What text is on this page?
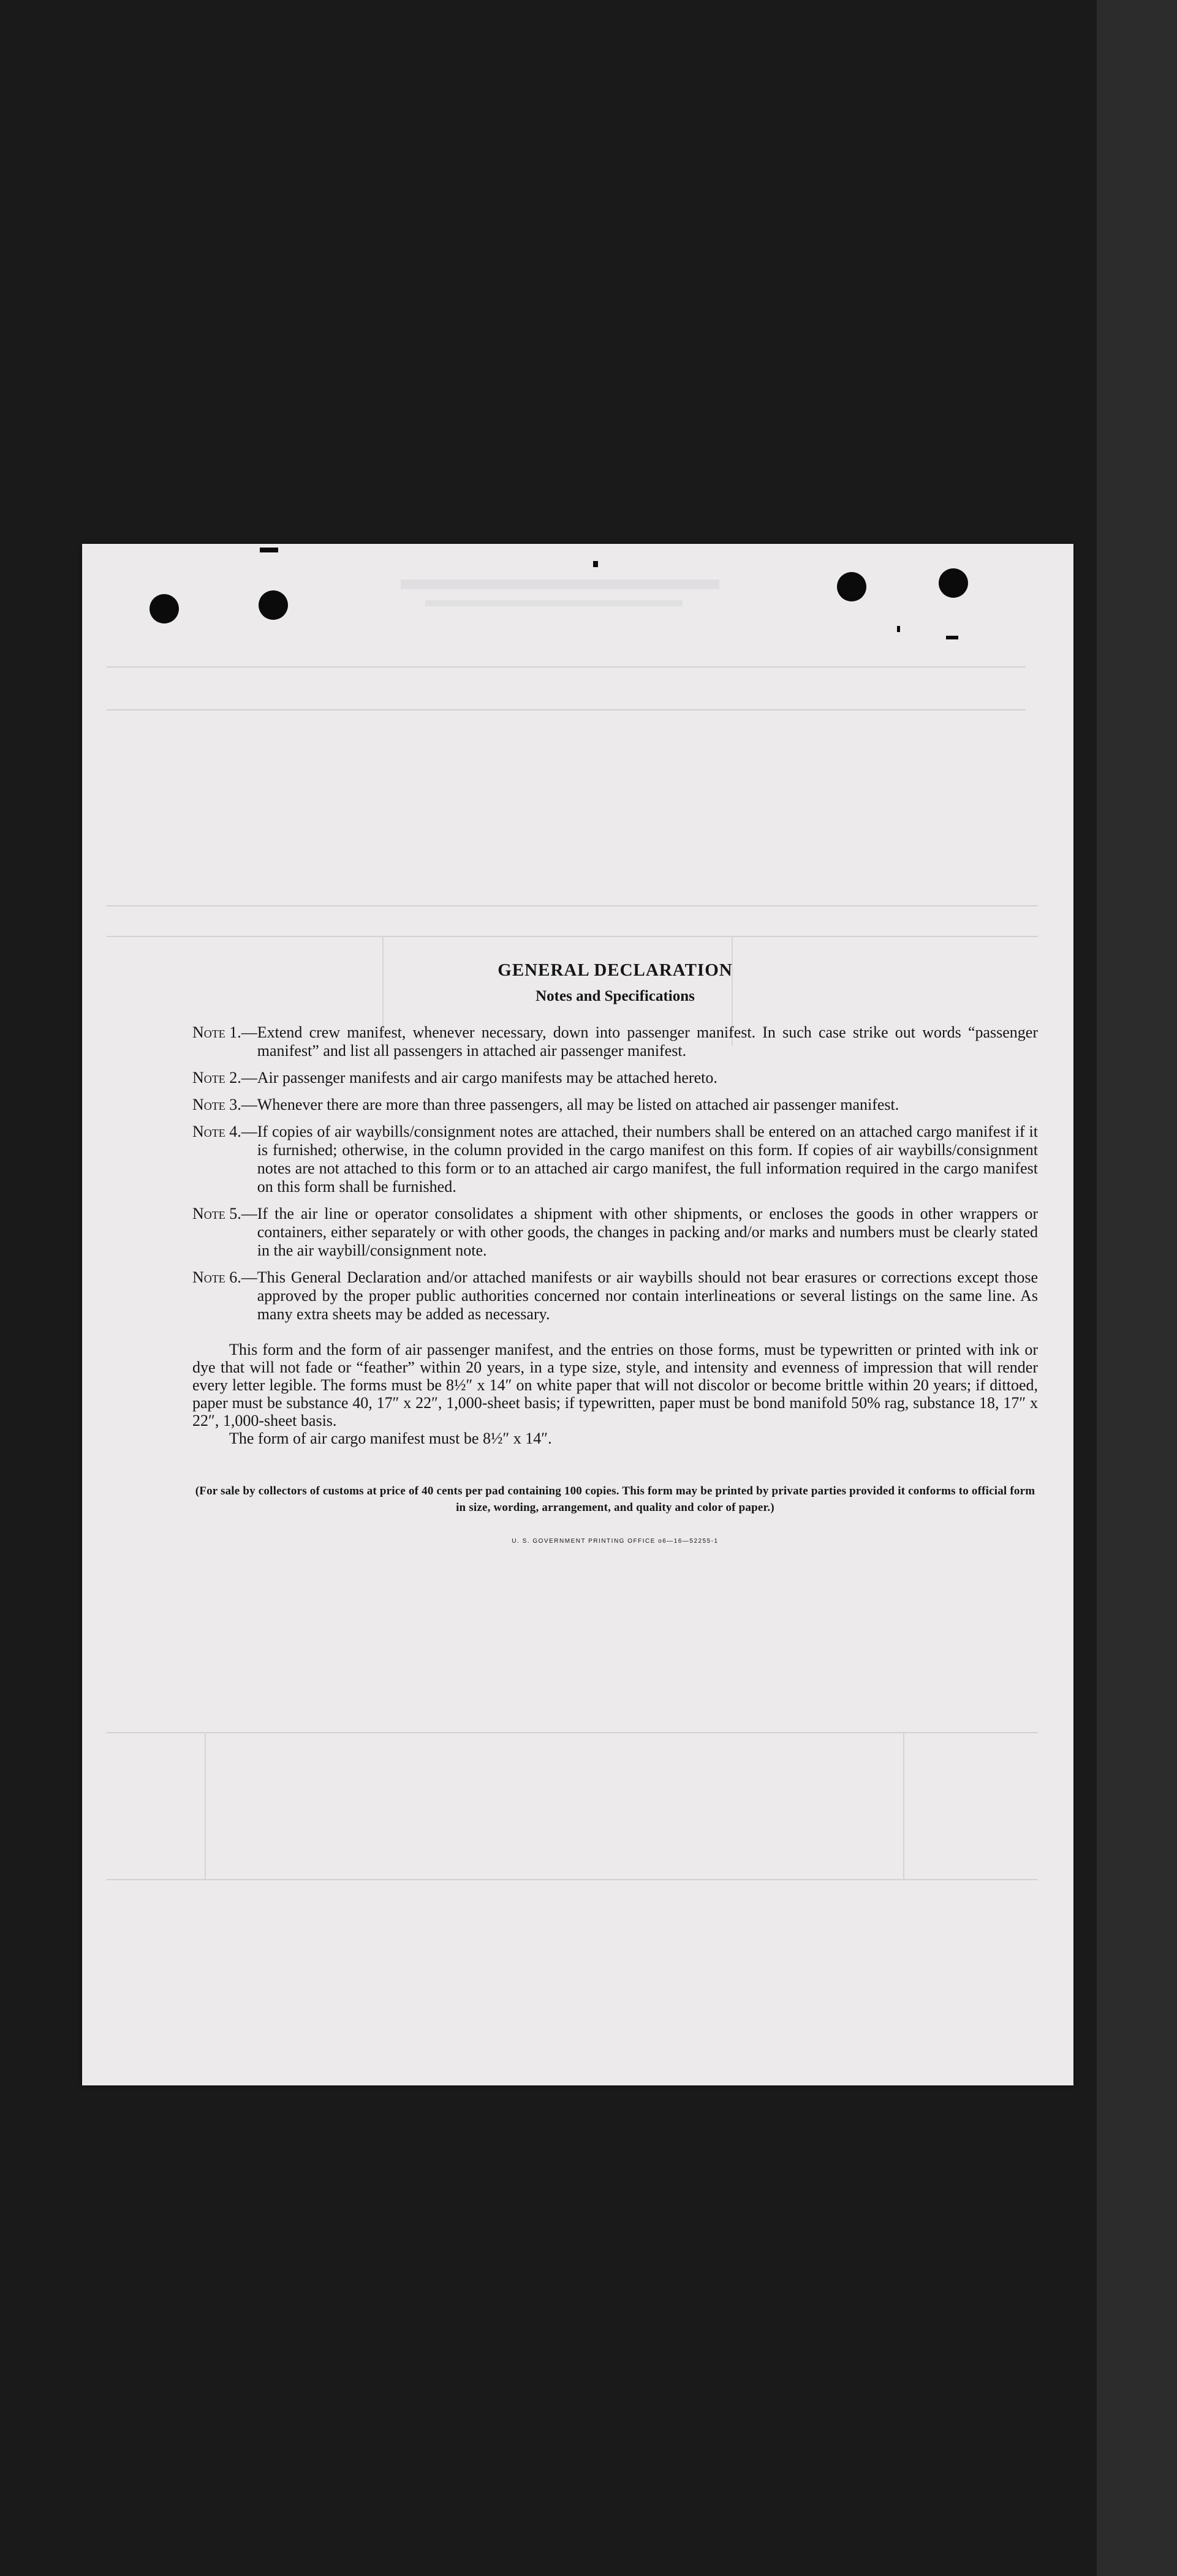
GENERAL DECLARATION
Notes and Specifications
Note 1. — Extend crew manifest, whenever necessary, down into passenger manifest. In such case strike out words “passenger manifest” and list all passengers in attached air passenger manifest.
Note 2. — Air passenger manifests and air cargo manifests may be attached hereto.
Note 3. — Whenever there are more than three passengers, all may be listed on attached air passenger manifest.
Note 4. — If copies of air waybills/consignment notes are attached, their numbers shall be entered on an attached cargo manifest if it is furnished; otherwise, in the column provided in the cargo manifest on this form. If copies of air waybills/consignment notes are not attached to this form or to an attached air cargo manifest, the full information required in the cargo manifest on this form shall be furnished.
Note 5. — If the air line or operator consolidates a shipment with other shipments, or encloses the goods in other wrappers or containers, either separately or with other goods, the changes in packing and/or marks and numbers must be clearly stated in the air waybill/consignment note.
Note 6. — This General Declaration and/or attached manifests or air waybills should not bear erasures or corrections except those approved by the proper public authorities concerned nor contain interlineations or several listings on the same line. As many extra sheets may be added as necessary.

This form and the form of air passenger manifest, and the entries on those forms, must be typewritten or printed with ink or dye that will not fade or “feather” within 20 years, in a type size, style, and intensity and evenness of impression that will render every letter legible. The forms must be 8½″ x 14″ on white paper that will not discolor or become brittle within 20 years; if dittoed, paper must be substance 40, 17″ x 22″, 1,000-sheet basis; if typewritten, paper must be bond manifold 50% rag, substance 18, 17″ x 22″, 1,000-sheet basis.

The form of air cargo manifest must be 8½″ x 14″.

(For sale by collectors of customs at price of 40 cents per pad containing 100 copies. This form may be printed by private parties provided it conforms to official form in size, wording, arrangement, and quality and color of paper.)

U. S. GOVERNMENT PRINTING OFFICE o6—16—52255-1
